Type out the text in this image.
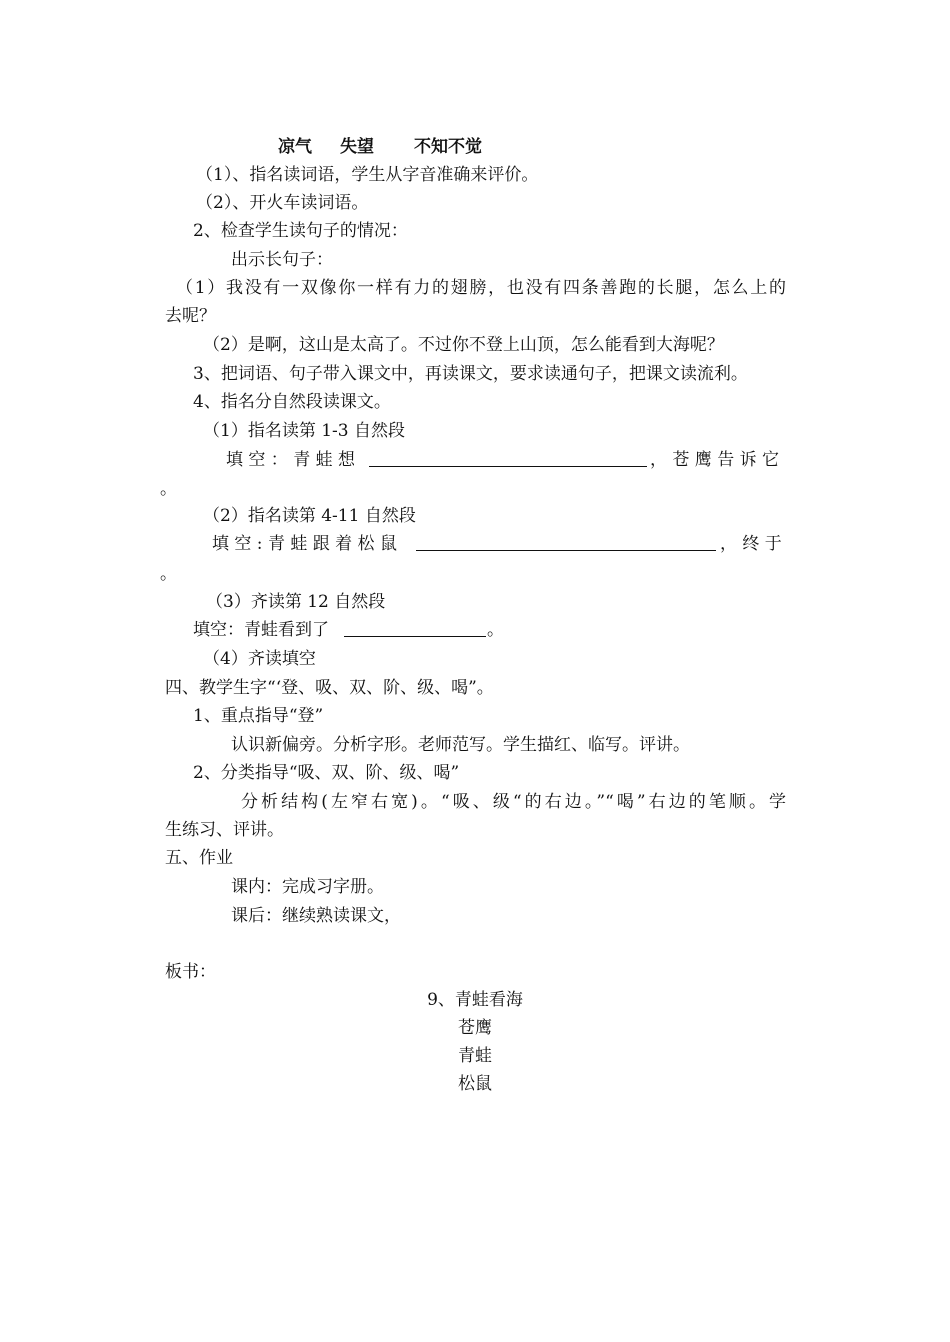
凉气 失望 不知不觉
（1）、指名读词语，学生从字音准确来评价。
（2）、开火车读词语。
2、检查学生读句子的情况：
出示长句子：
（1）我没有一双像你一样有力的翅膀，也没有四条善跑的长腿，怎么上的
去呢？
（2）是啊，这山是太高了。不过你不登上山顶，怎么能看到大海呢？
3、把词语、句子带入课文中，再读课文，要求读通句子，把课文读流利。
4、指名分自然段读课文。
（1）指名读第 1-3 自然段
填 空 ： 青 蛙 想	， 苍 鹰 告 诉 它
。
（2）指名读第 4-11 自然段
填 空 : 青 蛙 跟 着 松 鼠	， 终 于
。
（3）齐读第 12 自然段
填空：青蛙看到了	。
（4）齐读填空
四、教学生字“‘登、吸、双、阶、级、喝”。
1、重点指导“登”
认识新偏旁。分析字形。老师范写。学生描红、临写。评讲。
2、分类指导“吸、双、阶、级、喝”
分析结构(左窄右宽)。“吸、级“的右边。”“喝”右边的笔顺。学
生练习、评讲。
五、作业
课内：完成习字册。
课后：继续熟读课文，
板书：
9、青蛙看海
苍鹰
青蛙
松鼠
